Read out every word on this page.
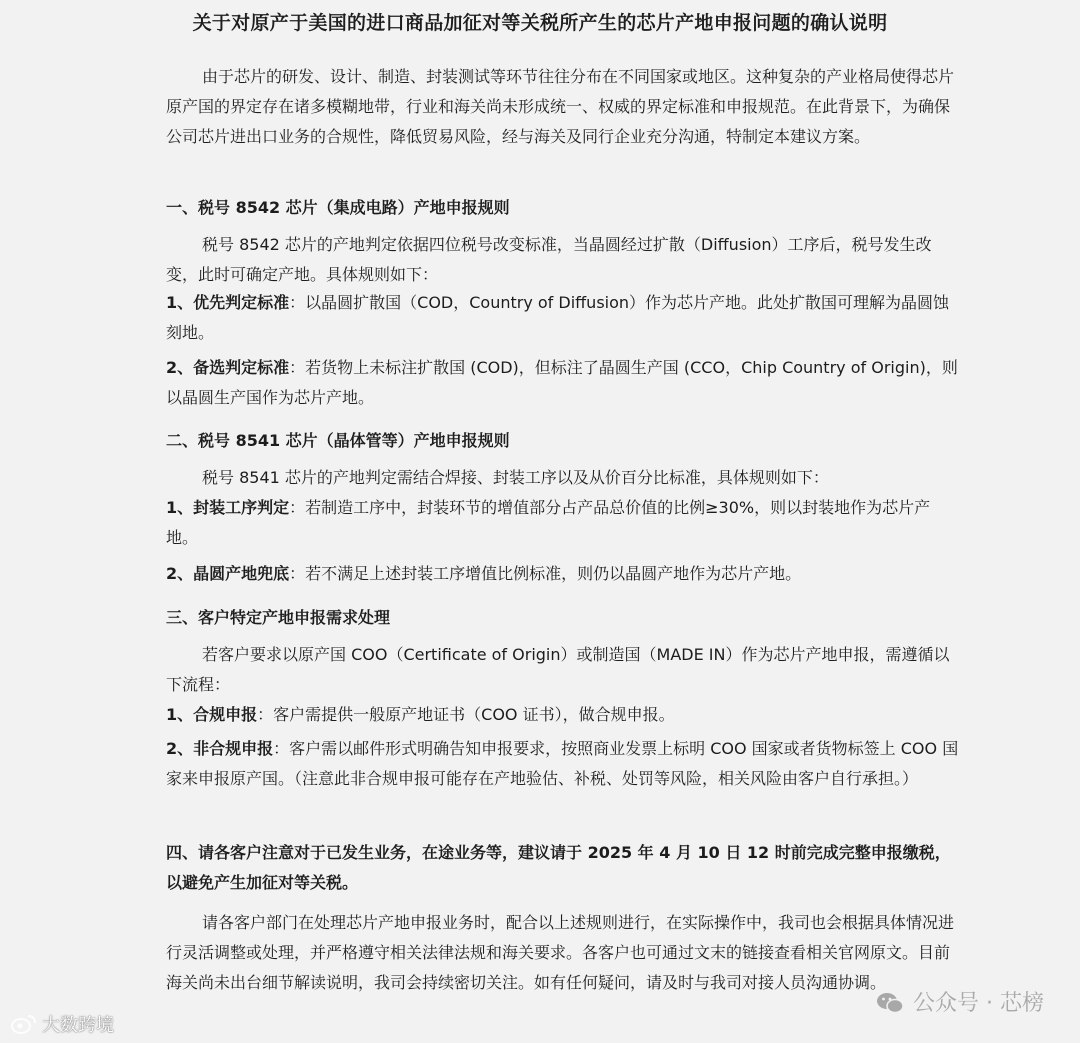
关于对原产于美国的进口商品加征对等关税所产生的芯片产地申报问题的确认说明
由于芯片的研发、设计、制造、封装测试等环节往往分布在不同国家或地区。这种复杂的产业格局使得芯片原产国的界定存在诸多模糊地带，行业和海关尚未形成统一、权威的界定标准和申报规范。在此背景下，为确保公司芯片进出口业务的合规性，降低贸易风险，经与海关及同行企业充分沟通，特制定本建议方案。
一、税号 8542 芯片（集成电路）产地申报规则
税号 8542 芯片的产地判定依据四位税号改变标准，当晶圆经过扩散（Diffusion）工序后，税号发生改变，此时可确定产地。具体规则如下：
1、优先判定标准：以晶圆扩散国（COD，Country of Diffusion）作为芯片产地。此处扩散国可理解为晶圆蚀刻地。
2、备选判定标准：若货物上未标注扩散国 (COD)，但标注了晶圆生产国 (CCO，Chip Country of Origin)，则以晶圆生产国作为芯片产地。
二、税号 8541 芯片（晶体管等）产地申报规则
税号 8541 芯片的产地判定需结合焊接、封装工序以及从价百分比标准，具体规则如下：
1、封装工序判定：若制造工序中，封装环节的增值部分占产品总价值的比例≥30%，则以封装地作为芯片产地。
2、晶圆产地兜底：若不满足上述封装工序增值比例标准，则仍以晶圆产地作为芯片产地。
三、客户特定产地申报需求处理
若客户要求以原产国 COO（Certificate of Origin）或制造国（MADE IN）作为芯片产地申报，需遵循以下流程：
1、合规申报：客户需提供一般原产地证书（COO 证书），做合规申报。
2、非合规申报：客户需以邮件形式明确告知申报要求，按照商业发票上标明 COO 国家或者货物标签上 COO 国家来申报原产国。（注意此非合规申报可能存在产地验估、补税、处罚等风险，相关风险由客户自行承担。）
四、请各客户注意对于已发生业务，在途业务等，建议请于 2025 年 4 月 10 日 12 时前完成完整申报缴税，以避免产生加征对等关税。
请各客户部门在处理芯片产地申报业务时，配合以上述规则进行，在实际操作中，我司也会根据具体情况进行灵活调整或处理，并严格遵守相关法律法规和海关要求。各客户也可通过文末的链接查看相关官网原文。目前海关尚未出台细节解读说明，我司会持续密切关注。如有任何疑问，请及时与我司对接人员沟通协调。
大数跨境
公众号 · 芯榜
